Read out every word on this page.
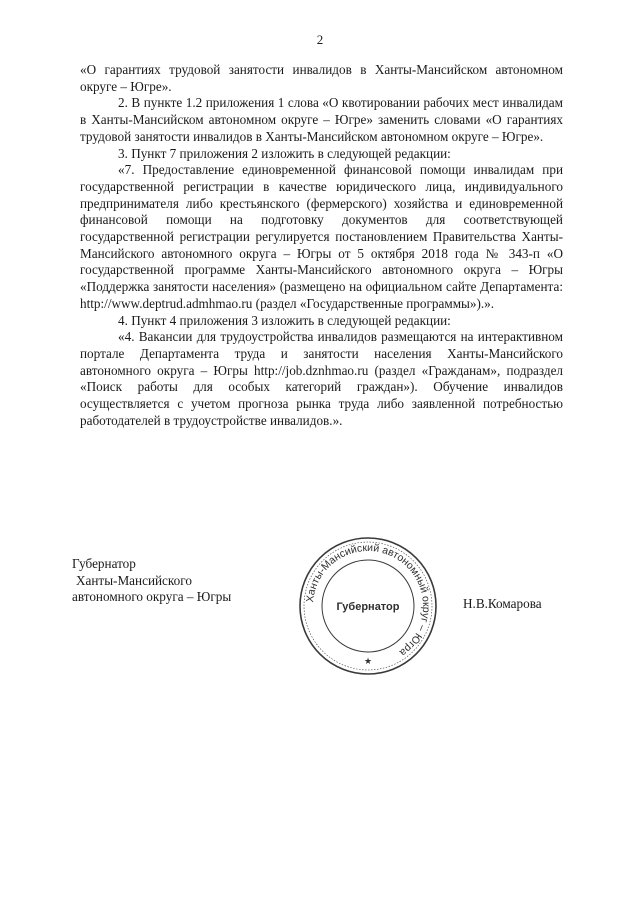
2

«О гарантиях трудовой занятости инвалидов в Ханты-Мансийском автономном округе – Югре».

2. В пункте 1.2 приложения 1 слова «О квотировании рабочих мест инвалидам в Ханты-Мансийском автономном округе – Югре» заменить словами «О гарантиях трудовой занятости инвалидов в Ханты-Мансийском автономном округе – Югре».

3. Пункт 7 приложения 2 изложить в следующей редакции:

«7. Предоставление единовременной финансовой помощи инвалидам при государственной регистрации в качестве юридического лица, индивидуального предпринимателя либо крестьянского (фермерского) хозяйства и единовременной финансовой помощи на подготовку документов для соответствующей государственной регистрации регулируется постановлением Правительства Ханты-Мансийского автономного округа – Югры от 5 октября 2018 года № 343-п «О государственной программе Ханты-Мансийского автономного округа – Югры «Поддержка занятости населения» (размещено на официальном сайте Департамента: http://www.deptrud.admhmao.ru (раздел «Государственные программы»).».

4. Пункт 4 приложения 3 изложить в следующей редакции:

«4. Вакансии для трудоустройства инвалидов размещаются на интерактивном портале Департамента труда и занятости населения Ханты-Мансийского автономного округа – Югры http://job.dznhmao.ru (раздел «Гражданам», подраздел «Поиск работы для особых категорий граждан»). Обучение инвалидов осуществляется с учетом прогноза рынка труда либо заявленной потребностью работодателей в трудоустройстве инвалидов.».

Губернатор
Ханты-Мансийского
автономного округа – Югры	Ханты-Мансийский автономный округ – Югра
Губернатор
★
Н.В.Комарова
